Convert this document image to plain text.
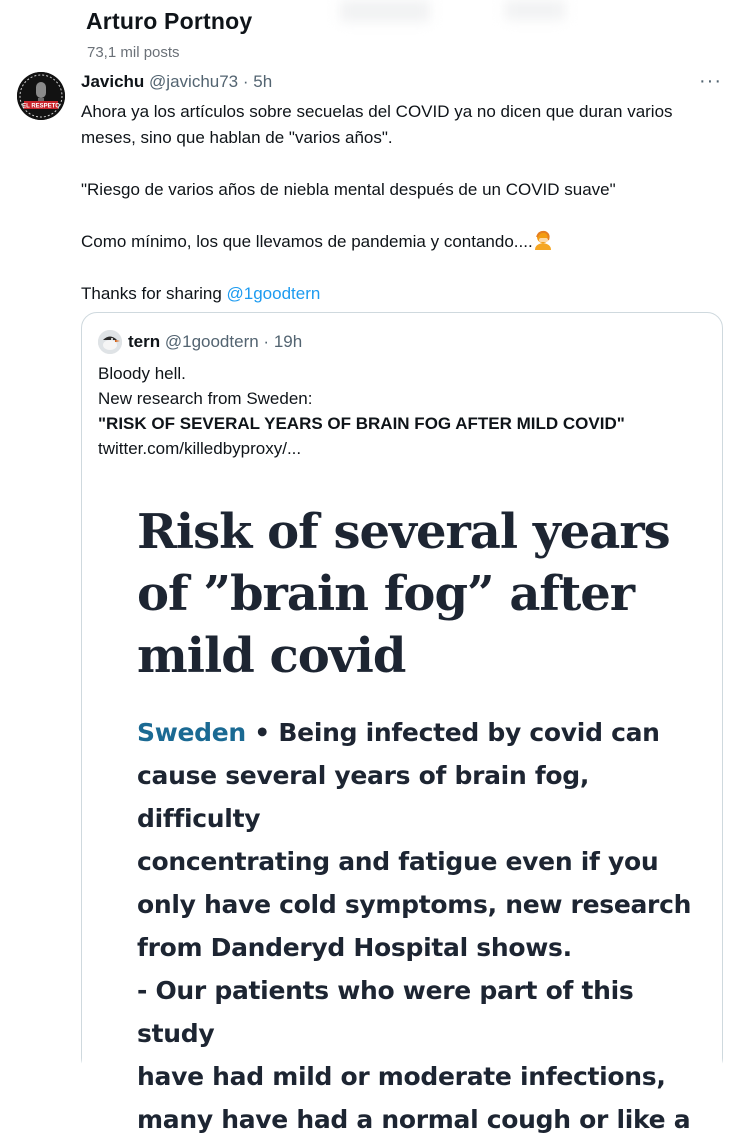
Arturo Portnoy
73,1 mil posts
EL RESPETO
Javichu @javichu73 · 5h	···

Ahora ya los artículos sobre secuelas del COVID ya no dicen que duran varios meses, sino que hablan de "varios años".

"Riesgo de varios años de niebla mental después de un COVID suave"

Como mínimo, los que llevamos de pandemia y contando....

Thanks for sharing @1goodtern

tern @1goodtern · 19h

Bloody hell.

New research from Sweden:

"RISK OF SEVERAL YEARS OF BRAIN FOG AFTER MILD COVID"

twitter.com/killedbyproxy/...

Risk of several years
of ”brain fog” after
mild covid
Sweden • Being infected by covid can
cause several years of brain fog, difficulty
concentrating and fatigue even if you
only have cold symptoms, new research
from Danderyd Hospital shows.
- Our patients who were part of this study
have had mild or moderate infections,
many have had a normal cough or like a
